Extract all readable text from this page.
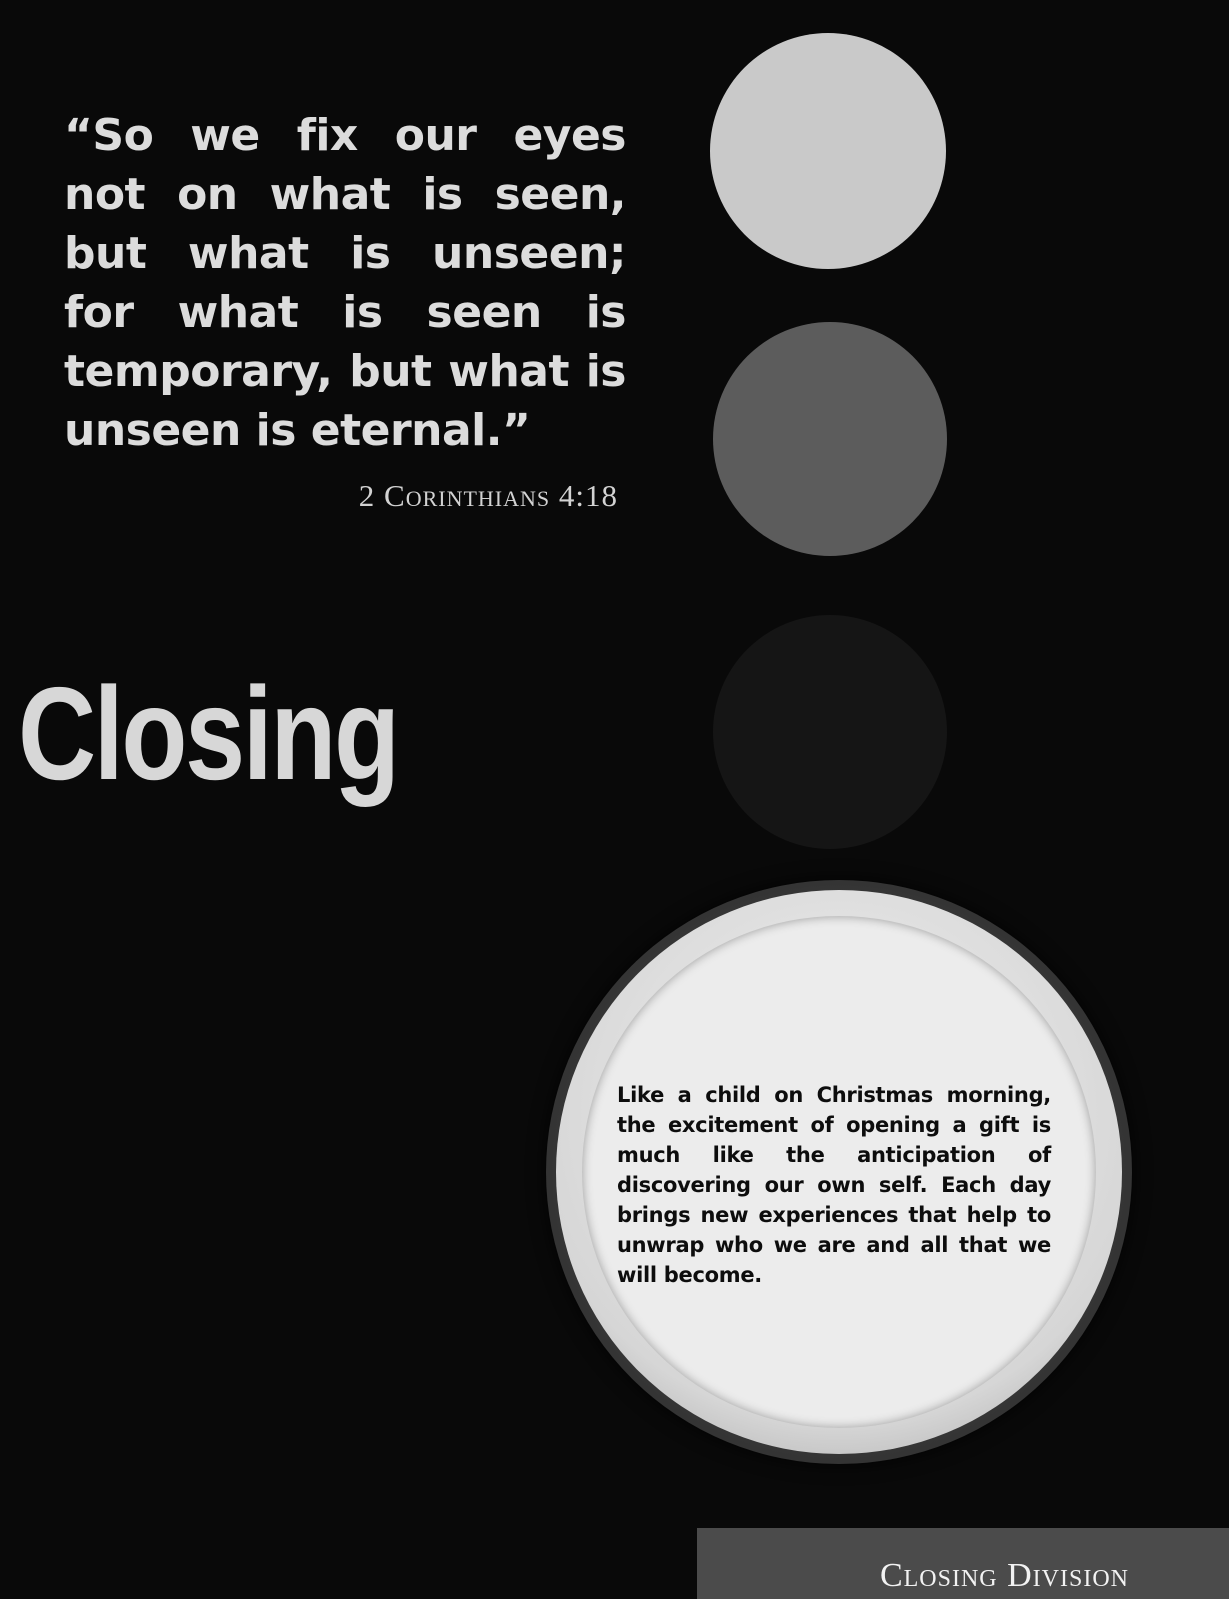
“So we fix our eyes not on what is seen, but what is unseen; for what is seen is temporary, but what is unseen is eternal.”

2 Corinthians 4:18

Closing

Like a child on Christmas morning, the excitement of opening a gift is much like the anticipation of discovering our own self. Each day brings new experiences that help to unwrap who we are and all that we will become.

Closing Division
